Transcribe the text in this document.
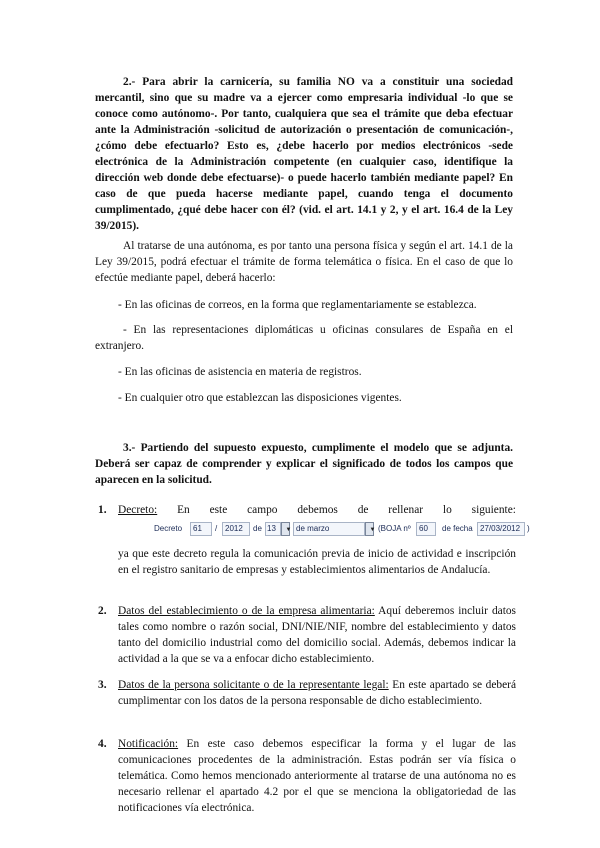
2.- Para abrir la carnicería, su familia NO va a constituir una sociedad mercantil, sino que su madre va a ejercer como empresaria individual -lo que se conoce como autónomo-. Por tanto, cualquiera que sea el trámite que deba efectuar ante la Administración -solicitud de autorización o presentación de comunicación-, ¿cómo debe efectuarlo? Esto es, ¿debe hacerlo por medios electrónicos -sede electrónica de la Administración competente (en cualquier caso, identifique la dirección web donde debe efectuarse)- o puede hacerlo también mediante papel? En caso de que pueda hacerse mediante papel, cuando tenga el documento cumplimentado, ¿qué debe hacer con él? (vid. el art. 14.1 y 2, y el art. 16.4 de la Ley 39/2015).
Al tratarse de una autónoma, es por tanto una persona física y según el art. 14.1 de la Ley 39/2015, podrá efectuar el trámite de forma telemática o física. En el caso de que lo efectúe mediante papel, deberá hacerlo:
- En las oficinas de correos, en la forma que reglamentariamente se establezca.
- En las representaciones diplomáticas u oficinas consulares de España en el extranjero.
- En las oficinas de asistencia en materia de registros.
- En cualquier otro que establezcan las disposiciones vigentes.
3.- Partiendo del supuesto expuesto, cumplimente el modelo que se adjunta. Deberá ser capaz de comprender y explicar el significado de todos los campos que aparecen en la solicitud.
1.	Decreto: En este campo debemos de rellenar lo siguiente:
Decreto	61	/ 2012	de 13	▼ de marzo	▼ (BOJA nº	60	de fecha 27/03/2012 )
ya que este decreto regula la comunicación previa de inicio de actividad e inscripción en el registro sanitario de empresas y establecimientos alimentarios de Andalucía.
2.	Datos del establecimiento o de la empresa alimentaria: Aquí deberemos incluir datos tales como nombre o razón social, DNI/NIE/NIF, nombre del establecimiento y datos tanto del domicilio industrial como del domicilio social. Además, debemos indicar la actividad a la que se va a enfocar dicho establecimiento.
3.	Datos de la persona solicitante o de la representante legal: En este apartado se deberá cumplimentar con los datos de la persona responsable de dicho establecimiento.
4.	Notificación: En este caso debemos especificar la forma y el lugar de las comunicaciones procedentes de la administración. Estas podrán ser vía física o telemática. Como hemos mencionado anteriormente al tratarse de una autónoma no es necesario rellenar el apartado 4.2 por el que se menciona la obligatoriedad de las notificaciones vía electrónica.
